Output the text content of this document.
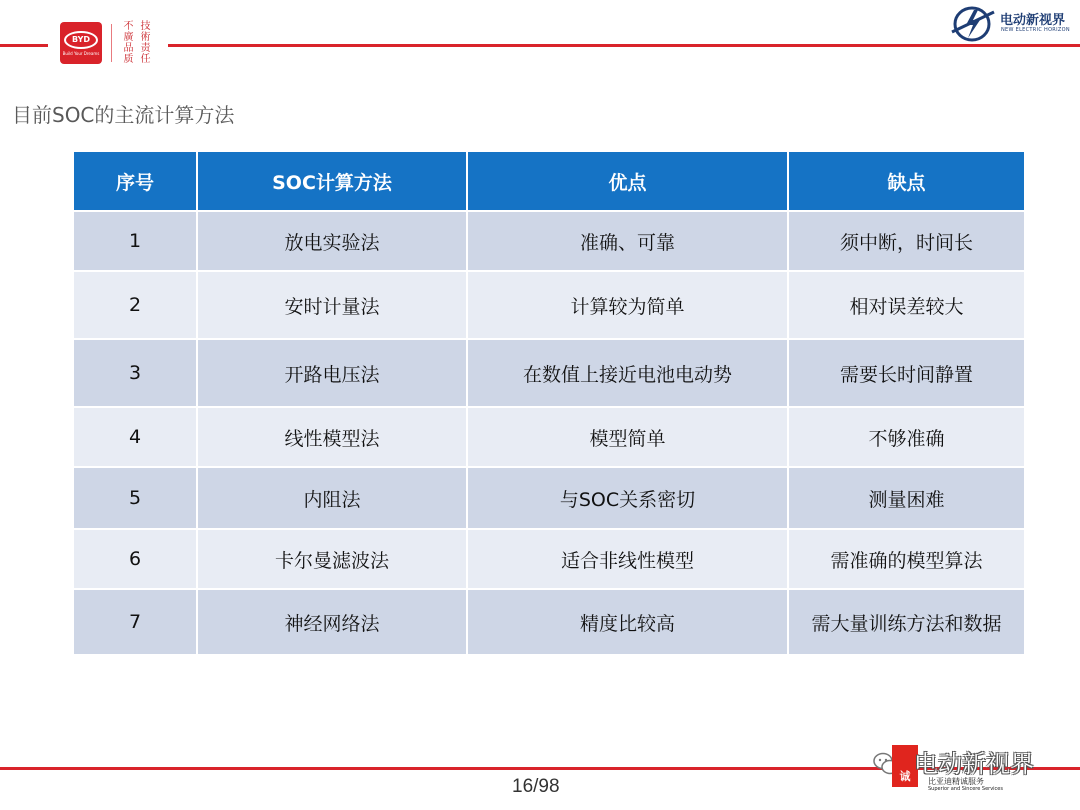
BYD
Build Your Dreams
不 技
廣 術
品 责
质 任
电动新视界
NEW ELECTRIC HORIZON
目前SOC的主流计算方法
序号	SOC计算方法	优点	缺点
1	放电实验法	准确、可靠	须中断，时间长
2	安时计量法	计算较为简单	相对误差较大
3	开路电压法	在数值上接近电池电动势	需要长时间静置
4	线性模型法	模型简单	不够准确
5	内阻法	与SOC关系密切	测量困难
6	卡尔曼滤波法	适合非线性模型	需准确的模型算法
7	神经网络法	精度比较高	需大量训练方法和数据
16/98	诚 电动新视界
比亚迪精诚服务
Superior and Sincere Services
